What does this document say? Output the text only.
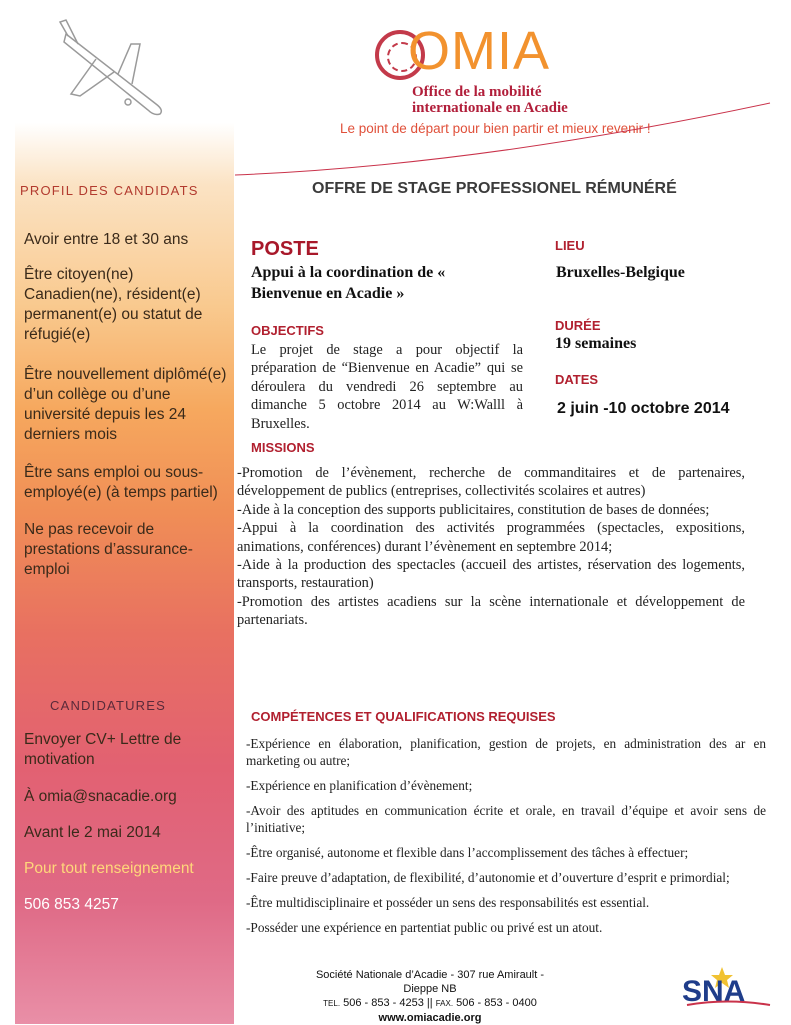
PROFIL DES CANDIDATS
Avoir entre 18 et 30 ans
Être citoyen(ne) Canadien(ne), résident(e) permanent(e) ou statut de réfugié(e)
Être nouvellement diplômé(e) d’un collège ou d’une université depuis les 24 derniers mois
Être sans emploi ou sous-employé(e) (à temps partiel)
Ne pas recevoir de prestations d’assurance-emploi
CANDIDATURES
Envoyer CV+ Lettre de motivation
À omia@snacadie.org
Avant le 2 mai 2014
Pour tout renseignement
506 853 4257
OMIA
Office de la mobilité
internationale en Acadie
Le point de départ pour bien partir et mieux revenir !
OFFRE DE STAGE PROFESSIONEL RÉMUNÉRÉ
POSTE
Appui à la coordination de « Bienvenue en Acadie »
LIEU
Bruxelles-Belgique
OBJECTIFS
Le projet de stage a pour objectif la préparation de “Bienvenue en Acadie” qui se déroulera du vendredi 26 septembre au dimanche 5 octobre 2014 au W:Walll à Bruxelles.
DURÉE
19 semaines
DATES
2 juin -10 octobre 2014
MISSIONS
-Promotion de l’évènement, recherche de commanditaires et de partenaires, développement de publics (entreprises, collectivités scolaires et autres)
-Aide à la conception des supports publicitaires, constitution de bases de données;
-Appui à la coordination des activités programmées (spectacles, expositions, animations, conférences) durant l’évènement en septembre 2014;
-Aide à la production des spectacles (accueil des artistes, réservation des logements, transports, restauration)
-Promotion des artistes acadiens sur la scène internationale et développement de partenariats.
COMPÉTENCES ET QUALIFICATIONS REQUISES
-Expérience en élaboration, planification, gestion de projets, en administration des ar en marketing ou autre;
-Expérience en planification d’évènement;
-Avoir des aptitudes en communication écrite et orale, en travail d’équipe et avoir sens de l’initiative;
-Être organisé, autonome et flexible dans l’accomplissement des tâches à effectuer;
-Faire preuve d’adaptation, de flexibilité, d’autonomie et d’ouverture d’esprit e primordial;
-Être multidisciplinaire et posséder un sens des responsabilités est essential.
-Posséder une expérience en partentiat public ou privé est un atout.
Société Nationale d’Acadie - 307 rue Amirault - Dieppe NB
TEL. 506 - 853 - 4253 || FAX. 506 - 853 - 0400
www.omiacadie.org
SNA
